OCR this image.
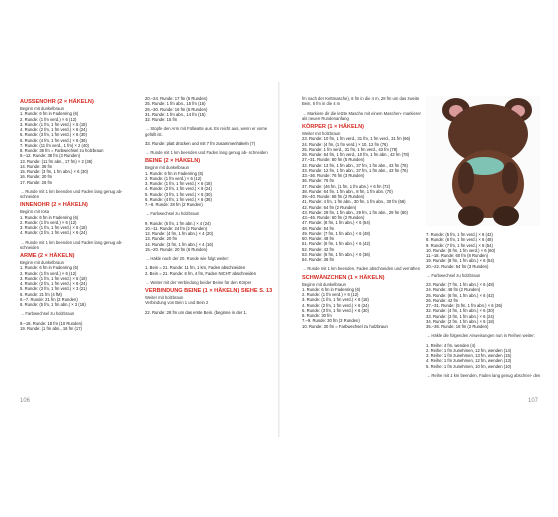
AUSSENOHR (2 × HÄKELN)

Beginn mit dunkelbraun

1. Runde: 6 fm in Fadenring (6)

2. Runde: (1 fm verd.) × 6 (12)

3. Runde: (1 fm, 1 fm verd.) × 6 (18)

4. Runde: (2 fm, 1 fm verd.) × 6 (24)

5. Runde: (3 fm, 1 fm verd.) × 6 (30)

6. Runde: (4 fm, 1 fm verd.) × 6 (36)

7. Runde: (11 fm verd., 1 fm) × 2 (40)

8. Runde: 38 fm = Farbwechsel zu holzbraun

9.–12. Runde: 38 fm (3 Runden)

13. Runde: (11 fm abn., 17 fm) × 2 (36)

14. Runde: 36 fm

15. Runde: (3 fm, 1 fm abn.) × 6 (30)

16. Runde: 30 fm

17. Runde: 26 fm

→ Runde mit 1 km beenden und Faden lang genug ab- schneiden

INNENOHR (2 × HÄKELN)

Beginn mit rosa

1. Runde: 6 fm in Fadenring (6)

2. Runde: (1 fm verd.) × 6 (12)

3. Runde: (1 fm, 1 fm verd.) × 6 (18)

4. Runde: (2 fm, 1 fm verd.) × 6 (24)

→ Runde mit 1 km beenden und Faden lang genug ab- schneiden

ARME (2 × HÄKELN)

Beginn mit dunkelbraun

1. Runde: 6 fm in Fadenring (6)

2. Runde: (1 fm verd.) × 6 (12)

3. Runde: (1 fm, 1 fm verd.) × 6 (18)

4. Runde: (2 fm, 1 fm verd.) × 6 (24)

5. Runde: (3 fm, 1 fm verd.) × 3 (21)

6. Runde: 21 fm (4 fM)

6.–7. Runde: 21 fm (2 Runden)

8. Runde: (5 fm, 1 fm abn.) × 3 (18)

→ Farbwechsel zu holzbraun

9.–18. Runde: 18 fm (10 Runden)

19. Runde: (1 fm abn., 16 fm (17)

20.–24. Runde: 17 fm (5 Runden)

25. Runde: 1 fm abn., 15 fm (16)

26.–30. Runde: 16 fm (5 Runden)

31. Runde: 1 fm abn., 14 fm (15)

32. Runde: 15 fm

→ Stopfe den Arm mit Füllwatte aus. Es reicht aus, wenn er vorne gefüllt ist.

33. Runde: platt drücken und mit 7 fm zusammenhäkeln (7)

→ Runde mit 1 km beenden und Faden lang genug ab- schneiden

BEINE (2 × HÄKELN)

Beginn mit dunkelbraun

1. Runde: 6 fm in Fadenring (6)

2. Runde: (1 fm verd.) × 6 (12)

3. Runde: (1 fm, 1 fm verd.) × 6 (18)

4. Runde: (2 fm, 1 fm verd.) × 6 (24)

5. Runde: (3 fm, 1 fm verd.) × 6 (30)

6. Runde: (4 fm, 1 fm verd.) × 6 (36)

7.–8. Runde: 28 fm (2 Runden)

→ Farbwechsel zu holzbraun

9. Runde: (5 fm, 1 fm abn.) × 4 (24)

10.–11. Runde: 24 fm (2 Runden)

12. Runde: (4 fm, 1 fm abn.) × 4 (20)

13. Runde: 20 fm

14. Runde: (3 fm, 1 fm abn.) × 4 (16)

15.–20. Runde: 20 fm (6 Runden)

→ Häkle nach der 20. Runde wie folgt weiter:

1. Bein = 21. Runde: 11 fm, 1 km, Faden abschneiden

2. Bein = 21. Runde: 6 fm, 4 fm, Faden NICHT abschneiden

→ Weiter mit der Verbindung beider Beine für den Körper

VERBINDUNG BEINE (1 × HÄKELN) SIEHE S. 13

Weiter mit holzbraun

Verbindung von Bein 1 und Bein 2

22. Runde: 28 fm um das erste Bein. (beginne in der 1.

fm nach der Kettmasche), 6 fm in die 4 m, 28 fm um das zweite Bein, 6 fm in die 4 m

→ Markiere dir die letzte Masche mit einem Maschen- markierer als neuen Rundenanfang

KÖRPER (1 × HÄKELN)

Weiter mit holzbraun

23. Runde: 10 fm, 1 fm verd., 31 fm, 1 fm verd., 31 fm (66)

24. Runde: (4 fm, (1 fm verd.) × 10, 12 fm (76)

25. Runde: 1 fm verd., 31 fm, 1 fm verd., 43 fm (78)

26. Runde: 64 fm, 1 fm verd., 10 fm, 1 fm abn., 43 fm (78)

27.–31. Runde: 80 fm (5 Runden)

32. Runde: 13 fm, 1 fm abn., 37 fm, 1 fm abn., 43 fm (78)

33. Runde: 12 fm, 1 fm abn., 37 fm, 1 fm abn., 43 fm (76)

33.–36. Runde: 76 fm (3 Runden)

36. Runde: 76 fm

37. Runde: (46 fm, (1 fm, 1 fm abn.) × 6 fm (72)

38. Runde: 64 fm, 1 fm abn., 8 fm, 1 fm abn. (70)

39.–40. Runde: 68 fm (2 Runden)

41. Runde: 4 fm, 1 fm abn., 30 fm, 1 fm abn., 30 fm (66)

42. Runde: 64 fm (2 Runden)

43. Runde: 29 fm, 1 fm abn., 29 fm, 1 fm abn., 29 fm (60)

43.–46. Runde: 60 fm (2 Runden)

47. Runde: (8 fm, 1 fm abn.) × 6 (54)

48. Runde: 54 fm

49. Runde: (7 fm, 1 fm abn.) × 6 (48)

50. Runde: 48 fm

51. Runde: (6 fm, 1 fm abn.) × 6 (42)

52. Runde: 42 fm

53. Runde: (5 fm, 1 fm abn.) × 6 (36)

54. Runde: 36 fm

→ Runde mit 1 km beenden, Faden abschneiden und vernähen

SCHWÄNZCHEN (1 × HÄKELN)

Beginn mit dunkelbraun

1. Runde: 6 fm in Fadenring (6)

2. Runde: (1 fm verd.) × 6 (12)

3. Runde: (1 fm, 1 fm verd.) × 6 (18)

4. Runde: (2 fm, 1 fm verd.) × 6 (24)

5. Runde: (3 fm, 1 fm verd.) × 6 (30)

6. Runde: 30 fm

7.–9. Runde: 30 fm (3 Runden)

10. Runde: 30 fm = Farbwechsel zu holzbraun

7. Runde: (5 fm, 1 fm verd.) × 6 (42)

8. Runde: (6 fm, 1 fm verd.) × 6 (48)

9. Runde: (7 fm, 1 fm verd.) × 6 (54)

10. Runde: (8 fm, 1 fm verd.) × 6 (60)

11.–18. Runde: 60 fm (8 Runden)

19. Runde: (8 fm, 1 fm abn.) × 6 (54)

20.–22. Runde: 54 fm (3 Runden)

→ Farbwechsel zu holzbraun

23. Runde: (7 fm, 1 fm abn.) × 6 (48)

24. Runde: 48 fm (2 Runden)

25. Runde: (6 fm, 1 fm abn.) × 6 (42)

26. Runde: 42 fm

27.–31. Runde: (5 fm, 1 fm abn.) × 6 (36)

32. Runde: (4 fm, 1 fm abn.) × 6 (30)

33. Runde: (3 fm, 1 fm abn.) × 6 (24)

34. Runde: (2 fm, 1 fm abn.) × 6 (18)

35.–36. Runde: 18 fm (2 Runden)

→ Häkle die folgenden Anweisungen nun in Reihen weiter:

1. Reihe: 4 fm, wenden (4)

2. Reihe: 1 fm zunehmen, 12 fm, wenden (14)

3. Reihe: 1 fm zunehmen, 13 fm, wenden (15)

4. Reihe: 1 fm zunehmen, 12 fm, wenden (13)

5. Reihe: 1 fm zunehmen, 10 fm, wenden (10)

→ Reihe mit 1 km beenden, Faden lang genug abschnei- den

106	107
